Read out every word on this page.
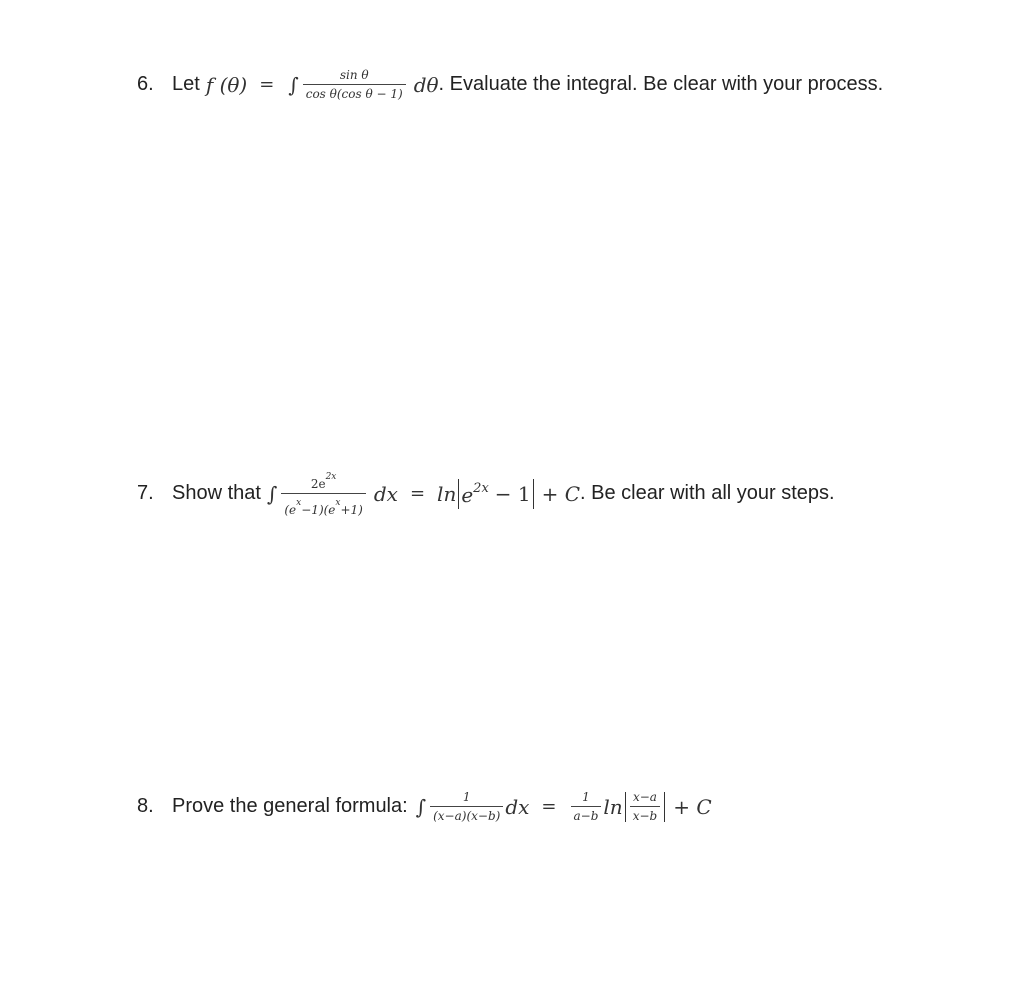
6. Let f (θ) = ∫ $\frac{\text{sin θ}}{\text{cos θ(cos θ − 1)}}$ dθ . Evaluate the integral. Be clear with your process.
7. Show that ∫ $\frac{2e^{2x}}{(e^x-1)(e^x+1)}$ dx = $\ln e^{2x} - 1 + C$ . Be clear with all your steps.
8. Prove the general formula: ∫ $\frac{1}{(x-a)(x-b)}$ dx = $\frac{1}{a-b}$ $\ln \frac{x-a}{x-b} + C$
